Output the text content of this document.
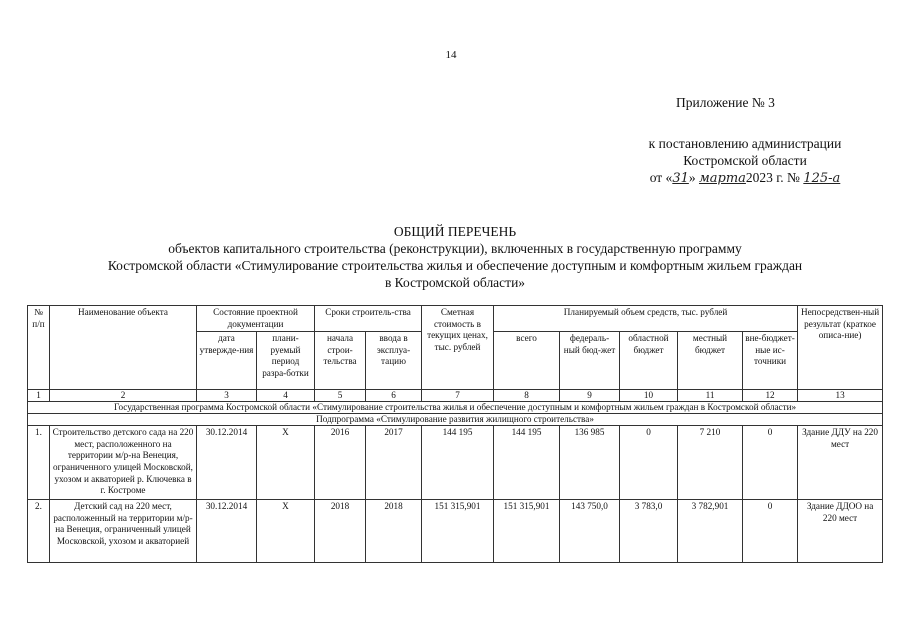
14
Приложение № 3
к постановлению администрации
Костромской области
от «31» марта2023 г. № 125-а
ОБЩИЙ ПЕРЕЧЕНЬ
объектов капитального строительства (реконструкции), включенных в государственную программу
Костромской области «Стимулирование строительства жилья и обеспечение доступным и комфортным жильем граждан
в Костромской области»
№ п/п	Наименование объекта	Состояние проектной документации		Сроки строитель-ства		Сметная стоимость в текущих ценах, тыс. рублей	Планируемый объем средств, тыс. рублей					Непосредствен-ный результат (краткое описа-ние)
		дата утвержде-ния	плани-руемый период разра-ботки	начала строи-тельства	ввода в эксплуа-тацию		всего	федераль-ный бюд-жет	областной бюджет	местный бюджет	вне-бюджет-ные ис-точники	
1	2	3	4	5	6	7	8	9	10	11	12	13
Государственная программа Костромской области «Стимулирование строительства жилья и обеспечение доступным и комфортным жильем граждан в Костромской области»												
Подпрограмма «Стимулирование развития жилищного строительства»												
1.	Строительство детского сада на 220 мест, расположенного на территории м/р-на Венеция, ограниченного улицей Московской, ухозом и акваторией р. Ключевка в г. Костроме	30.12.2014	Х	2016	2017	144 195	144 195	136 985	0	7 210	0	Здание ДДУ на 220 мест
2.	Детский сад на 220 мест, расположенный на территории м/р-на Венеция, ограниченный улицей Московской, ухозом и акваторией	30.12.2014	Х	2018	2018	151 315,901	151 315,901	143 750,0	3 783,0	3 782,901	0	Здание ДДОО на 220 мест
